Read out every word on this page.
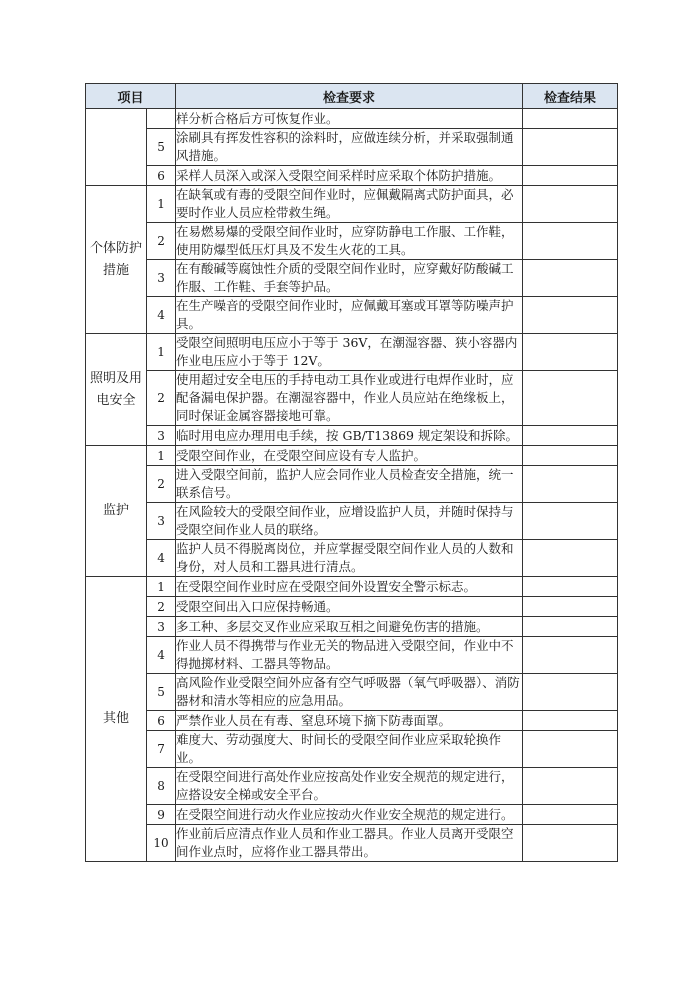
项目		检查要求	检查结果
		样分析合格后方可恢复作业。	
	5	涂刷具有挥发性容积的涂料时，应做连续分析，并采取强制通风措施。	
	6	采样人员深入或深入受限空间采样时应采取个体防护措施。	
个体防护措施	1	在缺氧或有毒的受限空间作业时，应佩戴隔离式防护面具，必要时作业人员应栓带救生绳。	
	2	在易燃易爆的受限空间作业时，应穿防静电工作服、工作鞋，使用防爆型低压灯具及不发生火花的工具。	
	3	在有酸碱等腐蚀性介质的受限空间作业时，应穿戴好防酸碱工作服、工作鞋、手套等护品。	
	4	在生产噪音的受限空间作业时，应佩戴耳塞或耳罩等防噪声护具。	
照明及用电安全	1	受限空间照明电压应小于等于 36V，在潮湿容器、狭小容器内作业电压应小于等于 12V。	
	2	使用超过安全电压的手持电动工具作业或进行电焊作业时，应配备漏电保护器。在潮湿容器中，作业人员应站在绝缘板上，同时保证金属容器接地可靠。	
	3	临时用电应办理用电手续，按 GB/T13869 规定架设和拆除。	
监护	1	受限空间作业，在受限空间应设有专人监护。	
	2	进入受限空间前，监护人应会同作业人员检查安全措施，统一联系信号。	
	3	在风险较大的受限空间作业，应增设监护人员，并随时保持与受限空间作业人员的联络。	
	4	监护人员不得脱离岗位，并应掌握受限空间作业人员的人数和身份，对人员和工器具进行清点。	
其他	1	在受限空间作业时应在受限空间外设置安全警示标志。	
	2	受限空间出入口应保持畅通。	
	3	多工种、多层交叉作业应采取互相之间避免伤害的措施。	
	4	作业人员不得携带与作业无关的物品进入受限空间，作业中不得抛掷材料、工器具等物品。	
	5	高风险作业受限空间外应备有空气呼吸器（氧气呼吸器）、消防器材和清水等相应的应急用品。	
	6	严禁作业人员在有毒、窒息环境下摘下防毒面罩。	
	7	难度大、劳动强度大、时间长的受限空间作业应采取轮换作业。	
	8	在受限空间进行高处作业应按高处作业安全规范的规定进行，应搭设安全梯或安全平台。	
	9	在受限空间进行动火作业应按动火作业安全规范的规定进行。	
	10	作业前后应清点作业人员和作业工器具。作业人员离开受限空间作业点时，应将作业工器具带出。	
